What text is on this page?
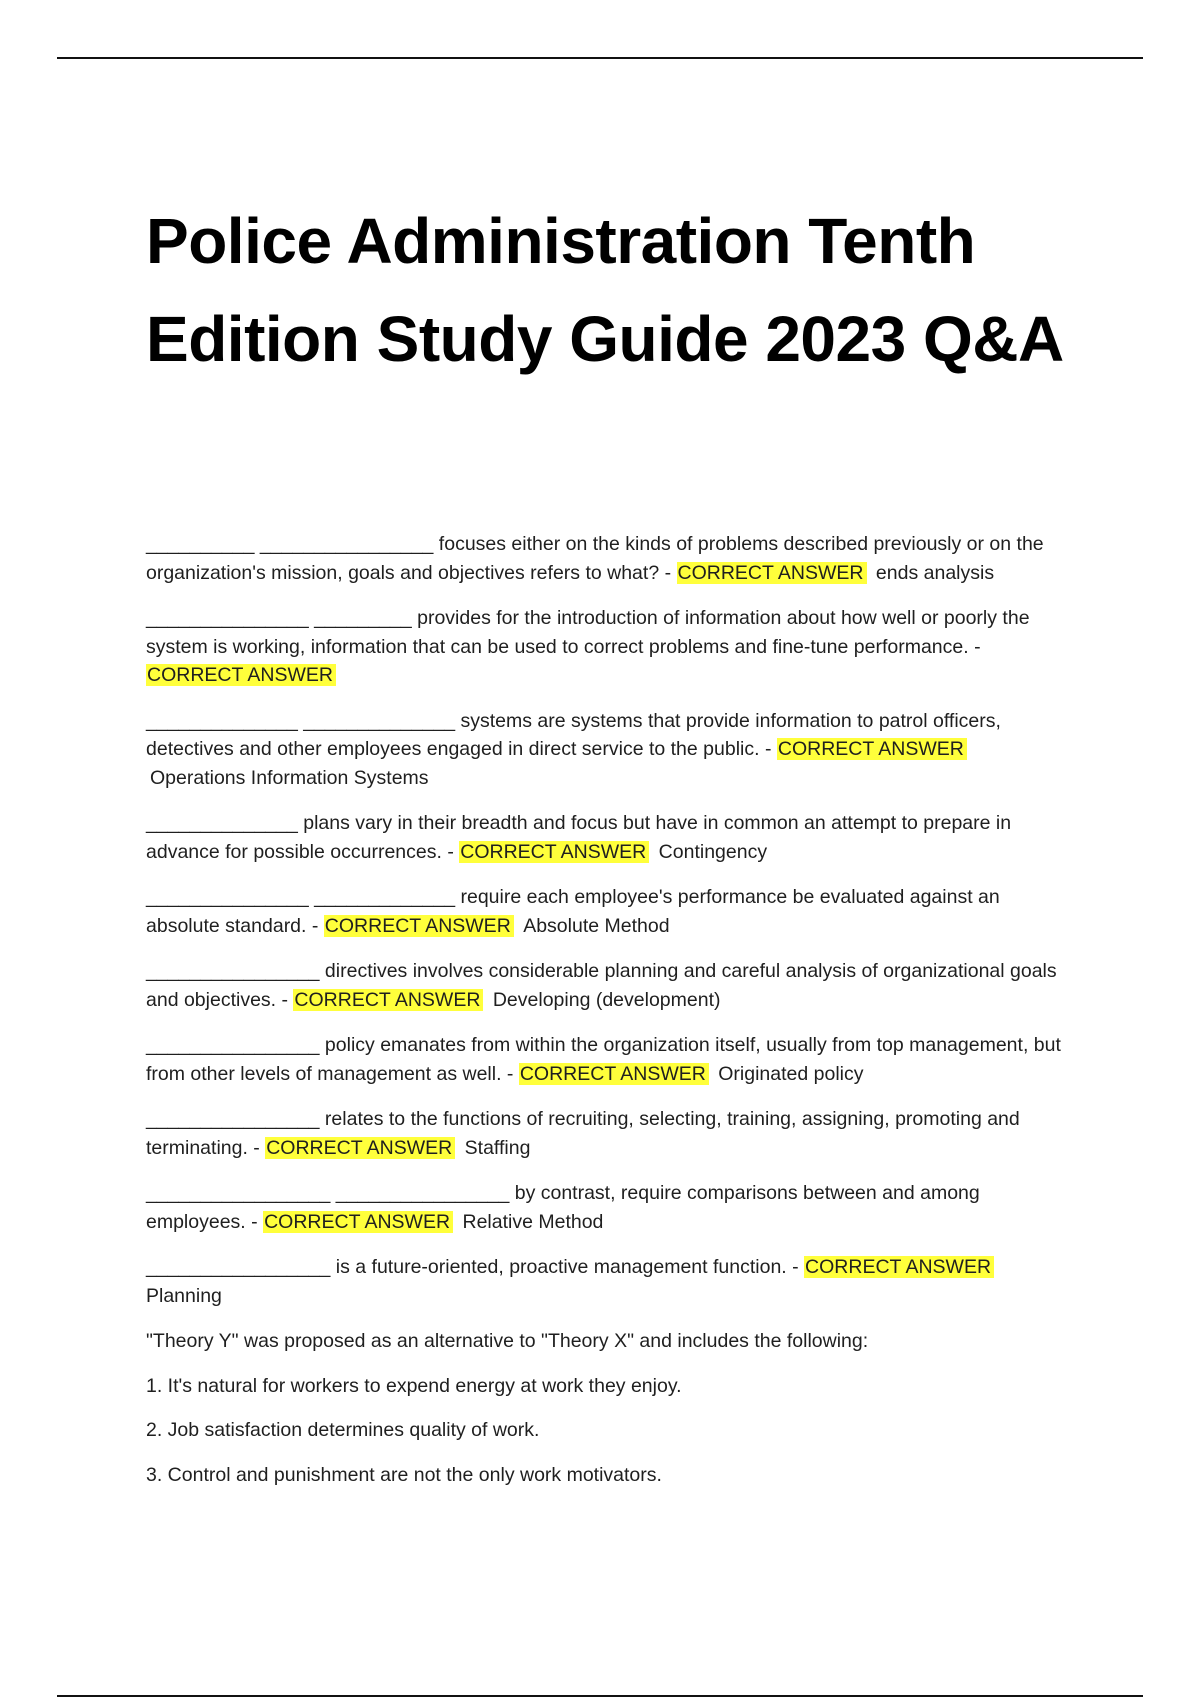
Police Administration Tenth Edition Study Guide 2023 Q&A

__________ ________________ focuses either on the kinds of problems described previously or on the organization's mission, goals and objectives refers to what? - CORRECT ANSWER ends analysis

_______________ _________ provides for the introduction of information about how well or poorly the system is working, information that can be used to correct problems and fine-tune performance. - CORRECT ANSWER

______________ ______________ systems are systems that provide information to patrol officers, detectives and other employees engaged in direct service to the public. - CORRECT ANSWER Operations Information Systems

______________ plans vary in their breadth and focus but have in common an attempt to prepare in advance for possible occurrences. - CORRECT ANSWER Contingency

_______________ _____________ require each employee's performance be evaluated against an absolute standard. - CORRECT ANSWER Absolute Method

________________ directives involves considerable planning and careful analysis of organizational goals and objectives. - CORRECT ANSWER Developing (development)

________________ policy emanates from within the organization itself, usually from top management, but from other levels of management as well. - CORRECT ANSWER Originated policy

________________ relates to the functions of recruiting, selecting, training, assigning, promoting and terminating. - CORRECT ANSWER Staffing

_________________ ________________ by contrast, require comparisons between and among employees. - CORRECT ANSWER Relative Method

_________________ is a future-oriented, proactive management function. - CORRECT ANSWER
Planning

"Theory Y" was proposed as an alternative to "Theory X" and includes the following:

1. It's natural for workers to expend energy at work they enjoy.

2. Job satisfaction determines quality of work.

3. Control and punishment are not the only work motivators.
